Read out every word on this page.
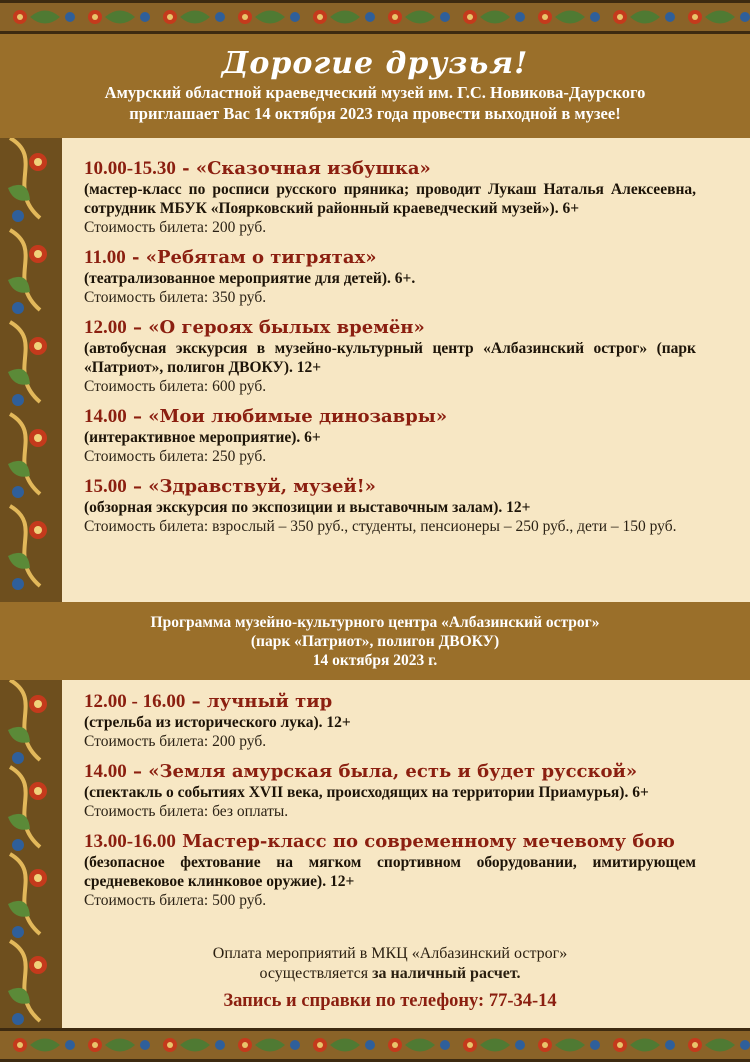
Дорогие друзья!
Амурский областной краеведческий музей им. Г.С. Новикова-Даурского
приглашает Вас 14 октября 2023 года провести выходной в музее!
10.00-15.30 - «Сказочная избушка»
(мастер-класс по росписи русского пряника; проводит Лукаш Наталья Алексеевна, сотрудник МБУК «Поярковский районный краеведческий музей»). 6+
Стоимость билета: 200 руб.
11.00 - «Ребятам о тигрятах»
(театрализованное мероприятие для детей). 6+.
Стоимость билета: 350 руб.
12.00 – «О героях былых времён»
(автобусная экскурсия в музейно-культурный центр «Албазинский острог» (парк «Патриот», полигон ДВОКУ). 12+
Стоимость билета: 600 руб.
14.00 – «Мои любимые динозавры»
(интерактивное мероприятие). 6+
Стоимость билета: 250 руб.
15.00 – «Здравствуй, музей!»
(обзорная экскурсия по экспозиции и выставочным залам). 12+
Стоимость билета: взрослый – 350 руб., студенты, пенсионеры – 250 руб., дети – 150 руб.
Программа музейно-культурного центра «Албазинский острог»
(парк «Патриот», полигон ДВОКУ)
14 октября 2023 г.
12.00 - 16.00 – лучный тир
(стрельба из исторического лука). 12+
Стоимость билета: 200 руб.
14.00 – «Земля амурская была, есть и будет русской»
(спектакль о событиях XVII века, происходящих на территории Приамурья). 6+
Стоимость билета: без оплаты.
13.00-16.00 Мастер-класс по современному мечевому бою
(безопасное фехтование на мягком спортивном оборудовании, имитирующем средневековое клинковое оружие). 12+
Стоимость билета: 500 руб.
Оплата мероприятий в МКЦ «Албазинский острог»
осуществляется за наличный расчет.
Запись и справки по телефону: 77-34-14
